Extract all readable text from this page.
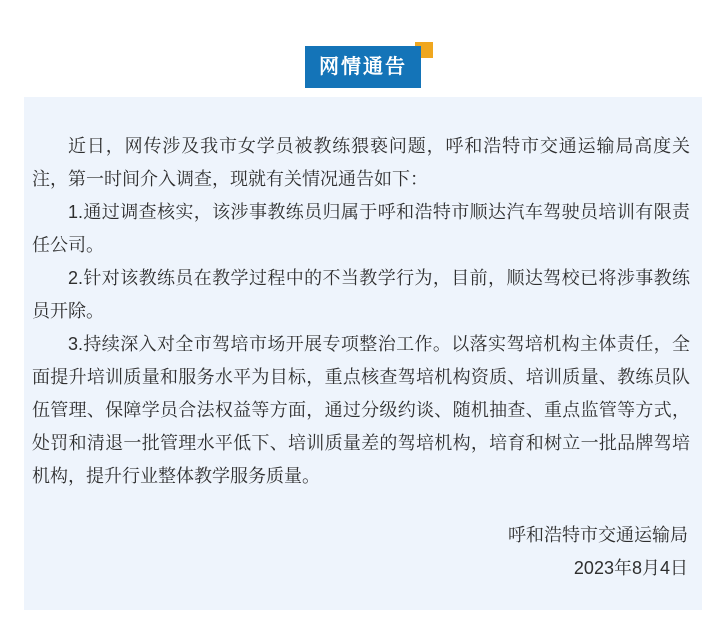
网情通告

近日，网传涉及我市女学员被教练猥亵问题，呼和浩特市交通运输局高度关注，第一时间介入调查，现就有关情况通告如下：

1.通过调查核实，该涉事教练员归属于呼和浩特市顺达汽车驾驶员培训有限责任公司。

2.针对该教练员在教学过程中的不当教学行为，目前，顺达驾校已将涉事教练员开除。

3.持续深入对全市驾培市场开展专项整治工作。以落实驾培机构主体责任，全面提升培训质量和服务水平为目标，重点核查驾培机构资质、培训质量、教练员队伍管理、保障学员合法权益等方面，通过分级约谈、随机抽查、重点监管等方式，处罚和清退一批管理水平低下、培训质量差的驾培机构，培育和树立一批品牌驾培机构，提升行业整体教学服务质量。

呼和浩特市交通运输局

2023年8月4日
